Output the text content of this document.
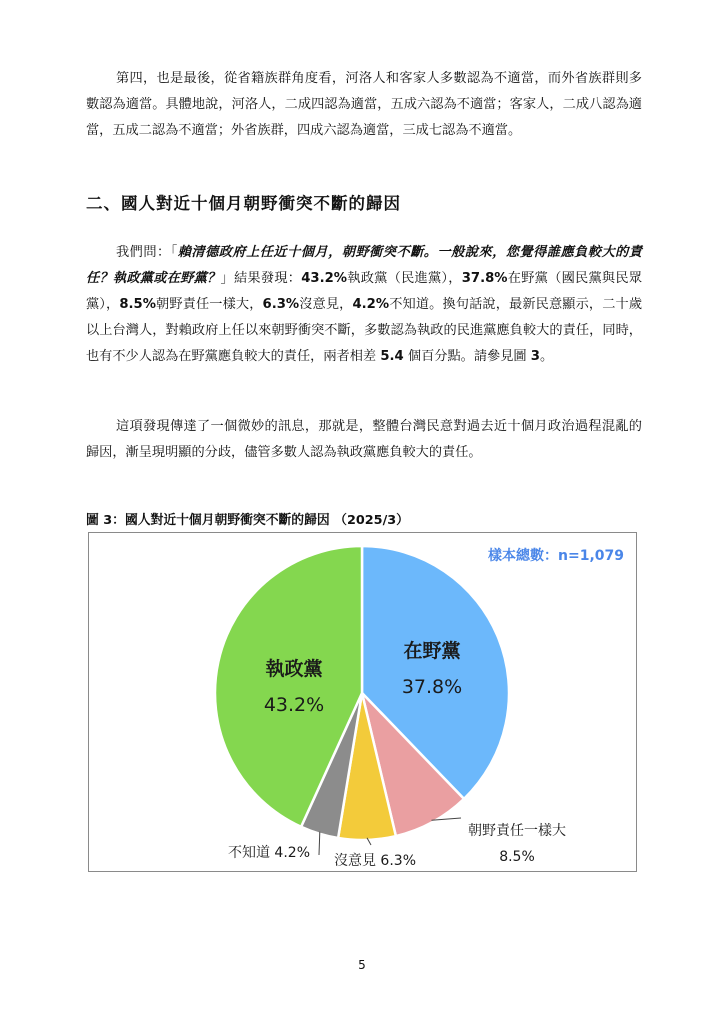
第四，也是最後，從省籍族群角度看，河洛人和客家人多數認為不適當，而外省族群則多數認為適當。具體地說，河洛人，二成四認為適當，五成六認為不適當；客家人，二成八認為適當，五成二認為不適當；外省族群，四成六認為適當，三成七認為不適當。

二、國人對近十個月朝野衝突不斷的歸因

我們問：「賴清德政府上任近十個月，朝野衝突不斷。一般說來，您覺得誰應負較大的責任？執政黨或在野黨？」結果發現：43.2%執政黨（民進黨），37.8%在野黨（國民黨與民眾黨），8.5%朝野責任一樣大，6.3%沒意見，4.2%不知道。換句話說，最新民意顯示，二十歲以上台灣人，對賴政府上任以來朝野衝突不斷，多數認為執政的民進黨應負較大的責任，同時，也有不少人認為在野黨應負較大的責任，兩者相差 5.4 個百分點。請參見圖 3。

這項發現傳達了一個微妙的訊息，那就是，整體台灣民意對過去近十個月政治過程混亂的歸因，漸呈現明顯的分歧，儘管多數人認為執政黨應負較大的責任。

圖 3：國人對近十個月朝野衝突不斷的歸因 （2025/3）

在野黨
37.8%
執政黨
43.2%
朝野責任一樣大
8.5%
沒意見 6.3%
不知道 4.2%
樣本總數：n=1,079
5
